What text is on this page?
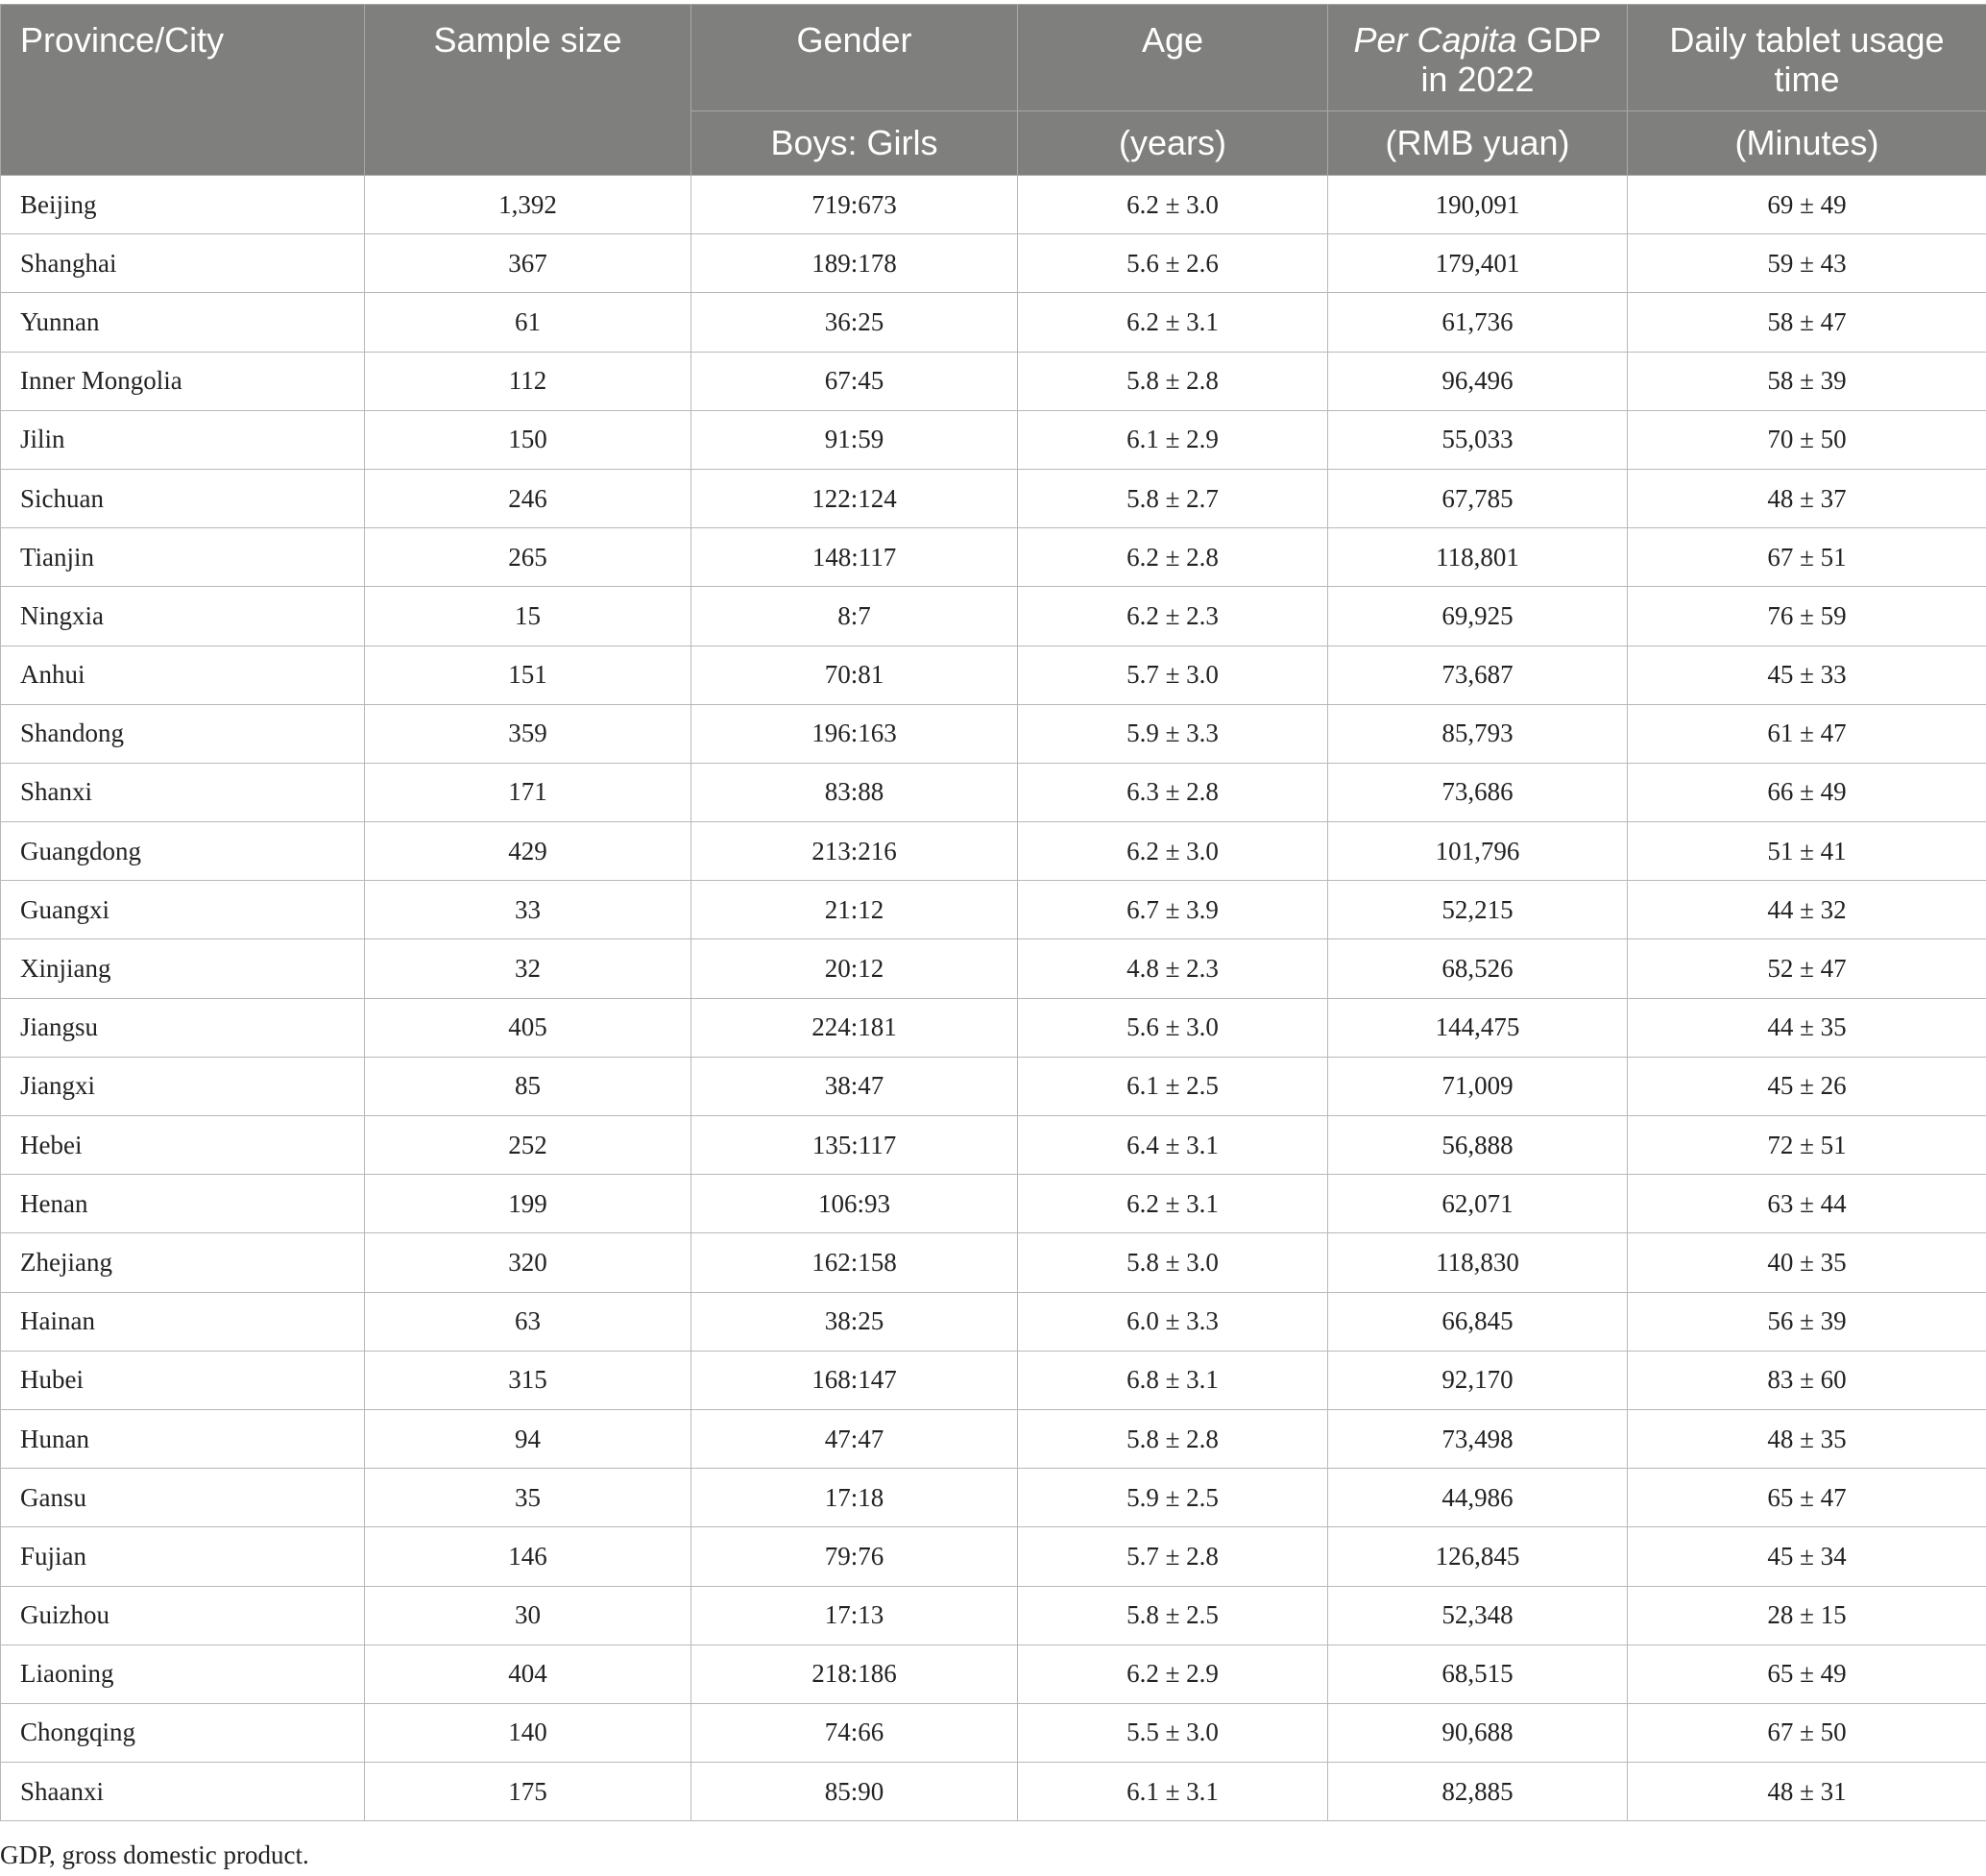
Province/City	Sample size	Gender	Age	Per Capita GDP in 2022	Daily tablet usage time
		Boys: Girls	(years)	(RMB yuan)	(Minutes)
Beijing	1,392	719:673	6.2 ± 3.0	190,091	69 ± 49
Shanghai	367	189:178	5.6 ± 2.6	179,401	59 ± 43
Yunnan	61	36:25	6.2 ± 3.1	61,736	58 ± 47
Inner Mongolia	112	67:45	5.8 ± 2.8	96,496	58 ± 39
Jilin	150	91:59	6.1 ± 2.9	55,033	70 ± 50
Sichuan	246	122:124	5.8 ± 2.7	67,785	48 ± 37
Tianjin	265	148:117	6.2 ± 2.8	118,801	67 ± 51
Ningxia	15	8:7	6.2 ± 2.3	69,925	76 ± 59
Anhui	151	70:81	5.7 ± 3.0	73,687	45 ± 33
Shandong	359	196:163	5.9 ± 3.3	85,793	61 ± 47
Shanxi	171	83:88	6.3 ± 2.8	73,686	66 ± 49
Guangdong	429	213:216	6.2 ± 3.0	101,796	51 ± 41
Guangxi	33	21:12	6.7 ± 3.9	52,215	44 ± 32
Xinjiang	32	20:12	4.8 ± 2.3	68,526	52 ± 47
Jiangsu	405	224:181	5.6 ± 3.0	144,475	44 ± 35
Jiangxi	85	38:47	6.1 ± 2.5	71,009	45 ± 26
Hebei	252	135:117	6.4 ± 3.1	56,888	72 ± 51
Henan	199	106:93	6.2 ± 3.1	62,071	63 ± 44
Zhejiang	320	162:158	5.8 ± 3.0	118,830	40 ± 35
Hainan	63	38:25	6.0 ± 3.3	66,845	56 ± 39
Hubei	315	168:147	6.8 ± 3.1	92,170	83 ± 60
Hunan	94	47:47	5.8 ± 2.8	73,498	48 ± 35
Gansu	35	17:18	5.9 ± 2.5	44,986	65 ± 47
Fujian	146	79:76	5.7 ± 2.8	126,845	45 ± 34
Guizhou	30	17:13	5.8 ± 2.5	52,348	28 ± 15
Liaoning	404	218:186	6.2 ± 2.9	68,515	65 ± 49
Chongqing	140	74:66	5.5 ± 3.0	90,688	67 ± 50
Shaanxi	175	85:90	6.1 ± 3.1	82,885	48 ± 31
GDP, gross domestic product.
